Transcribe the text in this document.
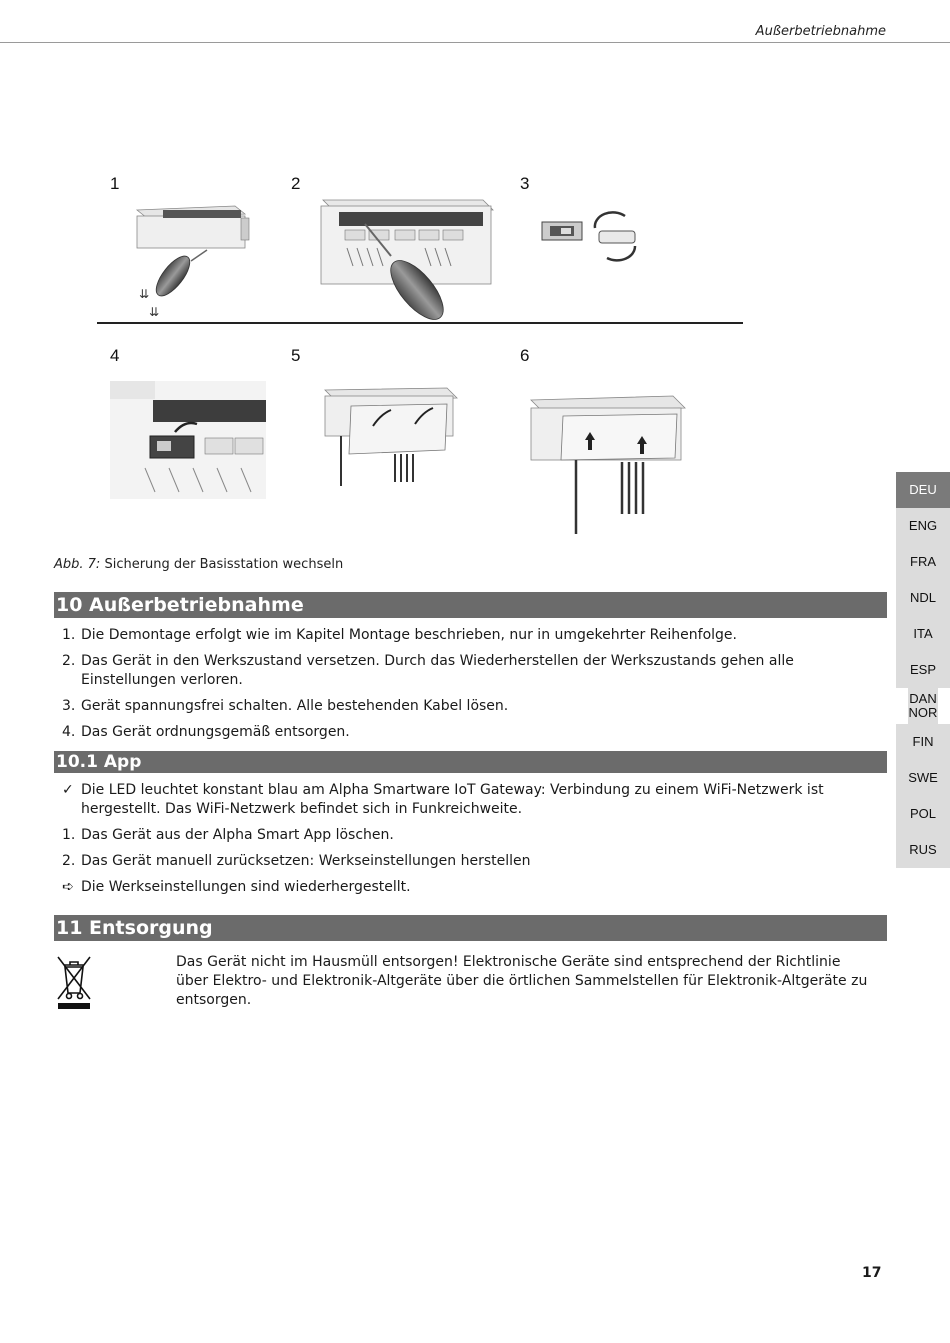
Außerbetriebnahme
1	2	3
4	5	6
⇊
⇊
Abb. 7: Sicherung der Basisstation wechseln
10 Außerbetriebnahme
1. Die Demontage erfolgt wie im Kapitel Montage beschrieben, nur in umgekehrter Reihenfolge.
2. Das Gerät in den Werkszustand versetzen. Durch das Wiederherstellen der Werkszustands gehen alle Einstellungen verloren.
3. Gerät spannungsfrei schalten. Alle bestehenden Kabel lösen.
4. Das Gerät ordnungsgemäß entsorgen.
10.1 App
✓ Die LED leuchtet konstant blau am Alpha Smartware IoT Gateway: Verbindung zu einem WiFi-Netzwerk ist hergestellt. Das WiFi-Netzwerk befindet sich in Funkreichweite.
1. Das Gerät aus der Alpha Smart App löschen.
2. Das Gerät manuell zurücksetzen: Werkseinstellungen herstellen
➪ Die Werkseinstellungen sind wiederhergestellt.
11 Entsorgung
Das Gerät nicht im Hausmüll entsorgen! Elektronische Geräte sind entsprechend der Richtlinie über Elektro- und Elektronik-Altgeräte über die örtlichen Sammelstellen für Elektronik-Altgeräte zu entsorgen.
DEU
ENG
FRA
NDL
ITA
ESP
DAN NOR
FIN
SWE
POL
RUS
17
